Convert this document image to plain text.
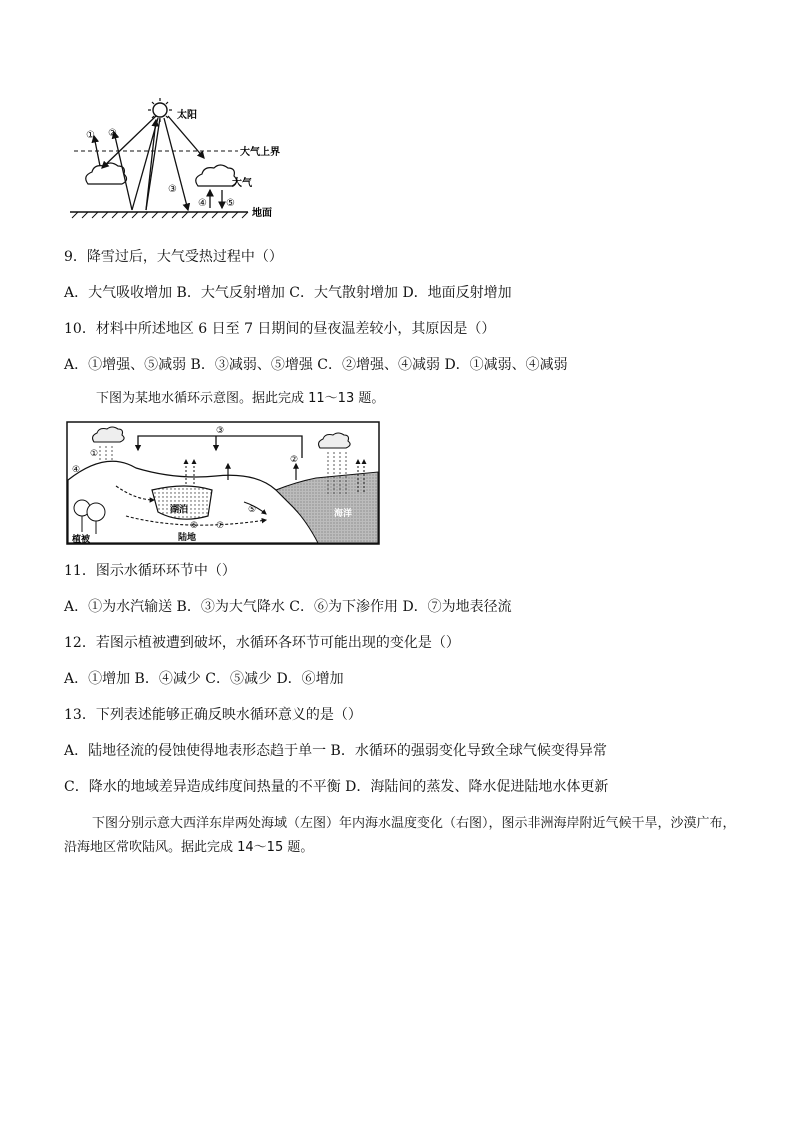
太阳
大气上界
大气
地面
① ②
③
④ ⑤
9．降雪过后，大气受热过程中（）
A．大气吸收增加 B．大气反射增加 C．大气散射增加 D．地面反射增加
10．材料中所述地区 6 日至 7 日期间的昼夜温差较小，其原因是（）
A．①增强、⑤减弱 B．③减弱、⑤增强 C．②增强、④减弱 D．①减弱、④减弱
下图为某地水循环示意图。据此完成 11～13 题。
海洋
湖泊
植被	陆地
①
②
③
④
⑤
⑥ ⑦
11．图示水循环环节中（）
A．①为水汽输送 B．③为大气降水 C．⑥为下渗作用 D．⑦为地表径流
12．若图示植被遭到破坏，水循环各环节可能出现的变化是（）
A．①增加 B．④减少 C．⑤减少 D．⑥增加
13．下列表述能够正确反映水循环意义的是（）
A．陆地径流的侵蚀使得地表形态趋于单一 B．水循环的强弱变化导致全球气候变得异常
C．降水的地域差异造成纬度间热量的不平衡 D．海陆间的蒸发、降水促进陆地水体更新
下图分别示意大西洋东岸两处海域（左图）年内海水温度变化（右图），图示非洲海岸附近气候干旱，沙漠广布，沿海地区常吹陆风。据此完成 14～15 题。
